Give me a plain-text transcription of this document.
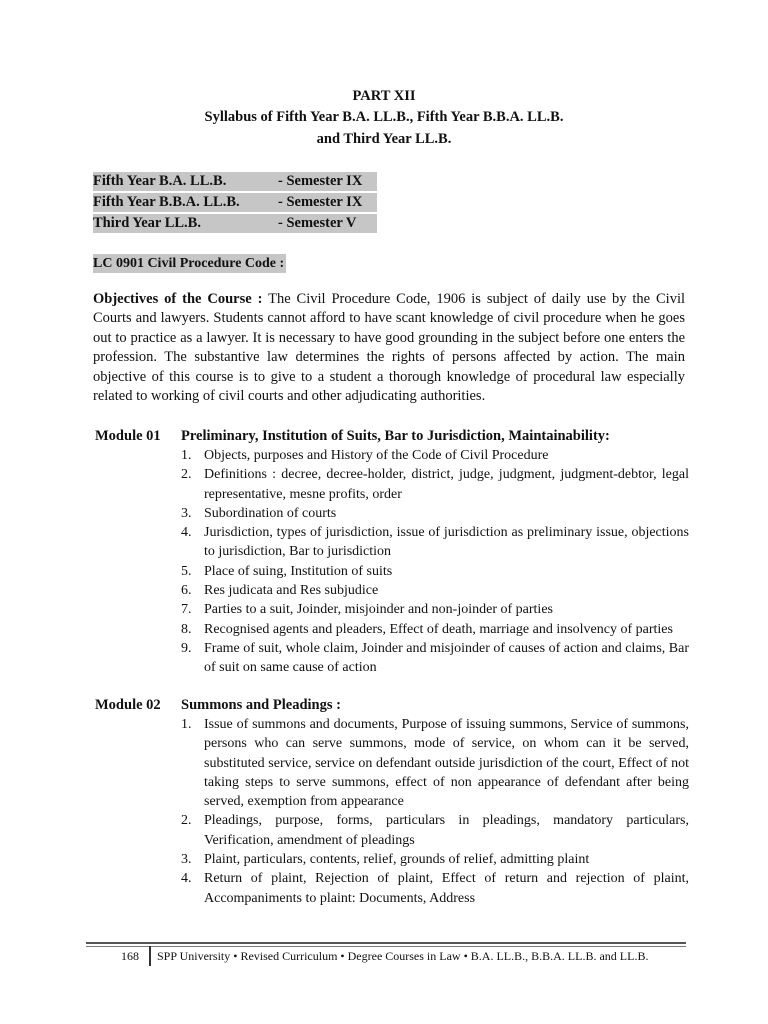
PART XII
Syllabus of Fifth Year B.A. LL.B., Fifth Year B.B.A. LL.B.
and Third Year LL.B.
Fifth Year B.A. LL.B.	- Semester IX
Fifth Year B.B.A. LL.B.	- Semester IX
Third Year LL.B.	- Semester V
LC 0901 Civil Procedure Code :
Objectives of the Course : The Civil Procedure Code, 1906 is subject of daily use by the Civil Courts and lawyers. Students cannot afford to have scant knowledge of civil procedure when he goes out to practice as a lawyer. It is necessary to have good grounding in the subject before one enters the profession. The substantive law determines the rights of persons affected by action. The main objective of this course is to give to a student a thorough knowledge of procedural law especially related to working of civil courts and other adjudicating authorities.
Module 01 Preliminary, Institution of Suits, Bar to Jurisdiction, Maintainability:
1. Objects, purposes and History of the Code of Civil Procedure
2. Definitions : decree, decree-holder, district, judge, judgment, judgment-debtor, legal representative, mesne profits, order
3. Subordination of courts
4. Jurisdiction, types of jurisdiction, issue of jurisdiction as preliminary issue, objections to jurisdiction, Bar to jurisdiction
5. Place of suing, Institution of suits
6. Res judicata and Res subjudice
7. Parties to a suit, Joinder, misjoinder and non-joinder of parties
8. Recognised agents and pleaders, Effect of death, marriage and insolvency of parties
9. Frame of suit, whole claim, Joinder and misjoinder of causes of action and claims, Bar of suit on same cause of action
Module 02 Summons and Pleadings :
1. Issue of summons and documents, Purpose of issuing summons, Service of summons, persons who can serve summons, mode of service, on whom can it be served, substituted service, service on defendant outside jurisdiction of the court, Effect of not taking steps to serve summons, effect of non appearance of defendant after being served, exemption from appearance
2. Pleadings, purpose, forms, particulars in pleadings, mandatory particulars, Verification, amendment of pleadings
3. Plaint, particulars, contents, relief, grounds of relief, admitting plaint
4. Return of plaint, Rejection of plaint, Effect of return and rejection of plaint, Accompaniments to plaint: Documents, Address
168 SPP University • Revised Curriculum • Degree Courses in Law • B.A. LL.B., B.B.A. LL.B. and LL.B.
